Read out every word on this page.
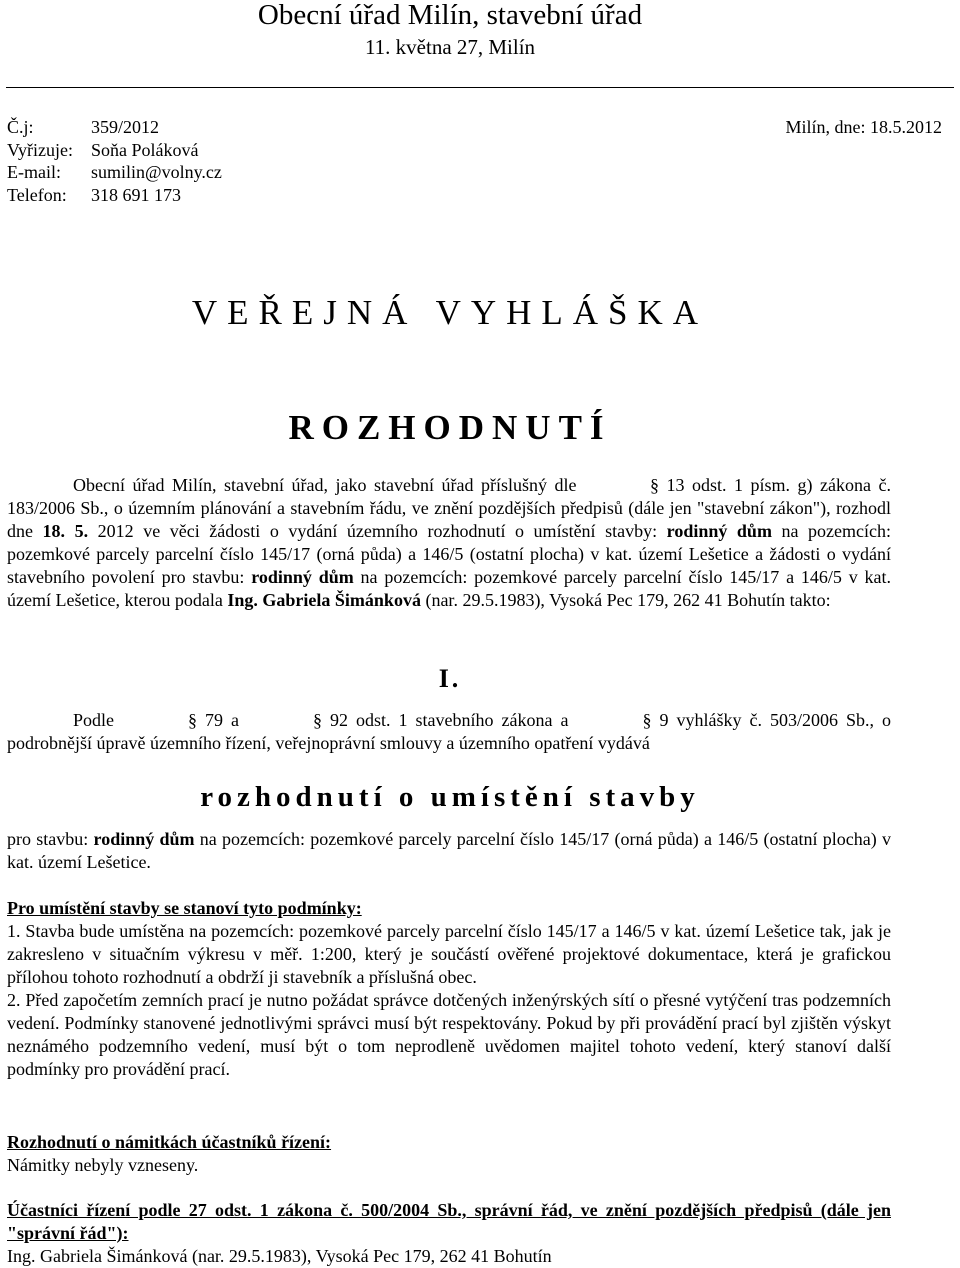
Obecní úřad Milín, stavební úřad
11. května 27, Milín
Č.j:	359/2012
Vyřizuje: Soňa Poláková
E-mail: sumilin@volny.cz
Telefon: 318 691 173
Milín, dne: 18.5.2012
VEŘEJNÁ VYHLÁŠKA
ROZHODNUTÍ
Obecní úřad Milín, stavební úřad, jako stavební úřad příslušný dle	§ 13 odst. 1 písm. g) zákona č. 183/2006 Sb., o územním plánování a stavebním řádu, ve znění pozdějších předpisů (dále jen "stavební zákon"), rozhodl dne 18. 5. 2012 ve věci žádosti o vydání územního rozhodnutí o umístění stavby: rodinný dům na pozemcích: pozemkové parcely parcelní číslo 145/17 (orná půda) a 146/5 (ostatní plocha) v kat. území Lešetice a žádosti o vydání stavebního povolení pro stavbu: rodinný dům na pozemcích: pozemkové parcely parcelní číslo 145/17 a 146/5 v kat. území Lešetice, kterou podala Ing. Gabriela Šimánková (nar. 29.5.1983), Vysoká Pec 179, 262 41 Bohutín takto:
I.
Podle	§ 79 a	§ 92 odst. 1 stavebního zákona a	§ 9 vyhlášky č. 503/2006 Sb., o podrobnější úpravě územního řízení, veřejnoprávní smlouvy a územního opatření vydává
rozhodnutí o umístění stavby
pro stavbu: rodinný dům na pozemcích: pozemkové parcely parcelní číslo 145/17 (orná půda) a 146/5 (ostatní plocha) v kat. území Lešetice.
Pro umístění stavby se stanoví tyto podmínky:
1. Stavba bude umístěna na pozemcích: pozemkové parcely parcelní číslo 145/17 a 146/5 v kat. území Lešetice tak, jak je zakresleno v situačním výkresu v měř. 1:200, který je součástí ověřené projektové dokumentace, která je grafickou přílohou tohoto rozhodnutí a obdrží ji stavebník a příslušná obec.
2. Před započetím zemních prací je nutno požádat správce dotčených inženýrských sítí o přesné vytýčení tras podzemních vedení. Podmínky stanovené jednotlivými správci musí být respektovány. Pokud by při provádění prací byl zjištěn výskyt neznámého podzemního vedení, musí být o tom neprodleně uvědomen majitel tohoto vedení, který stanoví další podmínky pro provádění prací.
Rozhodnutí o námitkách účastníků řízení:
Námitky nebyly vzneseny.
Účastníci řízení podle 27 odst. 1 zákona č. 500/2004 Sb., správní řád, ve znění pozdějších předpisů (dále jen "správní řád"):
Ing. Gabriela Šimánková (nar. 29.5.1983), Vysoká Pec 179, 262 41 Bohutín
